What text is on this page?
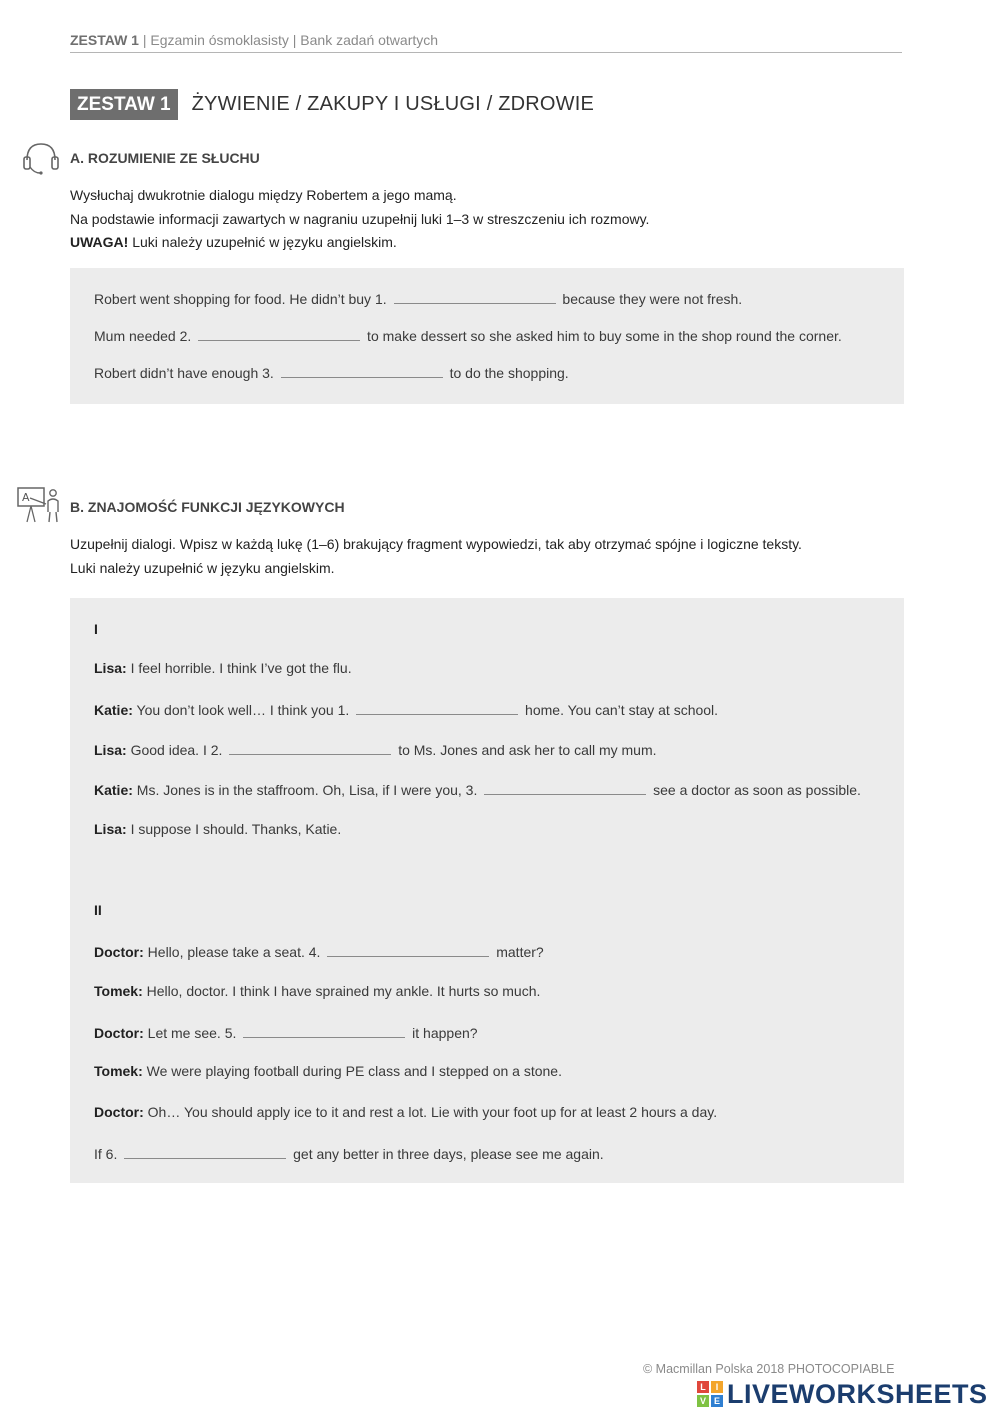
ZESTAW 1 | Egzamin ósmoklasisty | Bank zadań otwartych
ZESTAW 1	ŻYWIENIE / ZAKUPY I USŁUGI / ZDROWIE
A. ROZUMIENIE ZE SŁUCHU
Wysłuchaj dwukrotnie dialogu między Robertem a jego mamą.
Na podstawie informacji zawartych w nagraniu uzupełnij luki 1–3 w streszczeniu ich rozmowy.
UWAGA! Luki należy uzupełnić w języku angielskim.
Robert went shopping for food. He didn’t buy 1.	because they were not fresh.
Mum needed 2.	to make dessert so she asked him to buy some in the shop round the corner.
Robert didn’t have enough 3.	to do the shopping.
A
B. ZNAJOMOŚĆ FUNKCJI JĘZYKOWYCH
Uzupełnij dialogi. Wpisz w każdą lukę (1–6) brakujący fragment wypowiedzi, tak aby otrzymać spójne i logiczne teksty.
Luki należy uzupełnić w języku angielskim.
I
Lisa: I feel horrible. I think I’ve got the flu.
Katie: You don’t look well… I think you 1.	home. You can’t stay at school.
Lisa: Good idea. I 2.	to Ms. Jones and ask her to call my mum.
Katie: Ms. Jones is in the staffroom. Oh, Lisa, if I were you, 3.	see a doctor as soon as possible.
Lisa: I suppose I should. Thanks, Katie.
II
Doctor: Hello, please take a seat. 4.	matter?
Tomek: Hello, doctor. I think I have sprained my ankle. It hurts so much.
Doctor: Let me see. 5.	it happen?
Tomek: We were playing football during PE class and I stepped on a stone.
Doctor: Oh… You should apply ice to it and rest a lot. Lie with your foot up for at least 2 hours a day.
If 6.	get any better in three days, please see me again.
© Macmillan Polska 2018 PHOTOCOPIABLE
L	I
V E LIVEWORKSHEETS
